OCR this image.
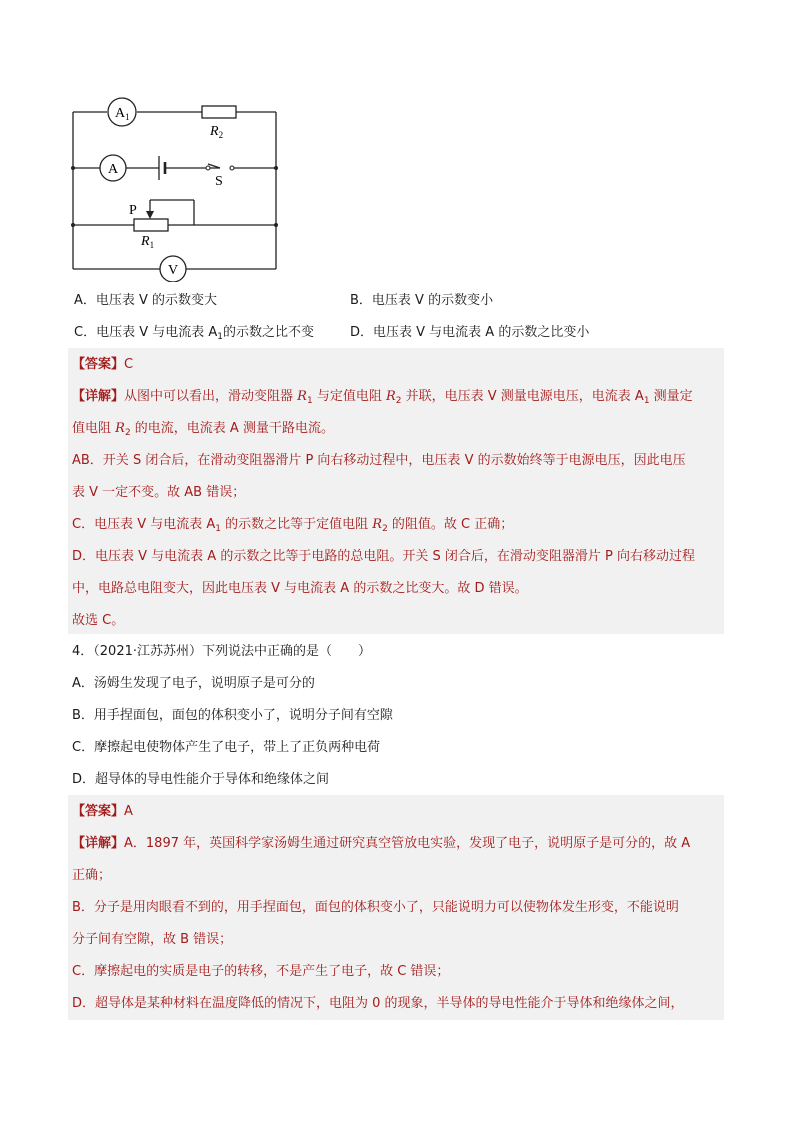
$A_1$
$R_2$
A
S
P
$R_1$
V
A．电压表 V 的示数变大	B．电压表 V 的示数变小
C．电压表 V 与电流表 $A_1$的示数之比不变	D．电压表 V 与电流表 A 的示数之比变小
【答案】C
【详解】从图中可以看出，滑动变阻器 $R_1$ 与定值电阻 $R_2$ 并联，电压表 V 测量电源电压，电流表 $A_1$ 测量定
值电阻 $R_2$ 的电流，电流表 A 测量干路电流。
AB．开关 S 闭合后，在滑动变阻器滑片 P 向右移动过程中，电压表 V 的示数始终等于电源电压，因此电压
表 V 一定不变。故 AB 错误；
C．电压表 V 与电流表 $A_1$ 的示数之比等于定值电阻 $R_2$ 的阻值。故 C 正确；
D．电压表 V 与电流表 A 的示数之比等于电路的总电阻。开关 S 闭合后，在滑动变阻器滑片 P 向右移动过程
中，电路总电阻变大，因此电压表 V 与电流表 A 的示数之比变大。故 D 错误。
故选 C。
4．（2021·江苏苏州）下列说法中正确的是（　　）
A．汤姆生发现了电子，说明原子是可分的
B．用手捏面包，面包的体积变小了，说明分子间有空隙
C．摩擦起电使物体产生了电子，带上了正负两种电荷
D．超导体的导电性能介于导体和绝缘体之间
【答案】A
【详解】A．1897 年，英国科学家汤姆生通过研究真空管放电实验，发现了电子，说明原子是可分的，故 A
正确；
B．分子是用肉眼看不到的，用手捏面包，面包的体积变小了，只能说明力可以使物体发生形变，不能说明
分子间有空隙，故 B 错误；
C．摩擦起电的实质是电子的转移，不是产生了电子，故 C 错误；
D．超导体是某种材料在温度降低的情况下，电阻为 0 的现象，半导体的导电性能介于导体和绝缘体之间，
